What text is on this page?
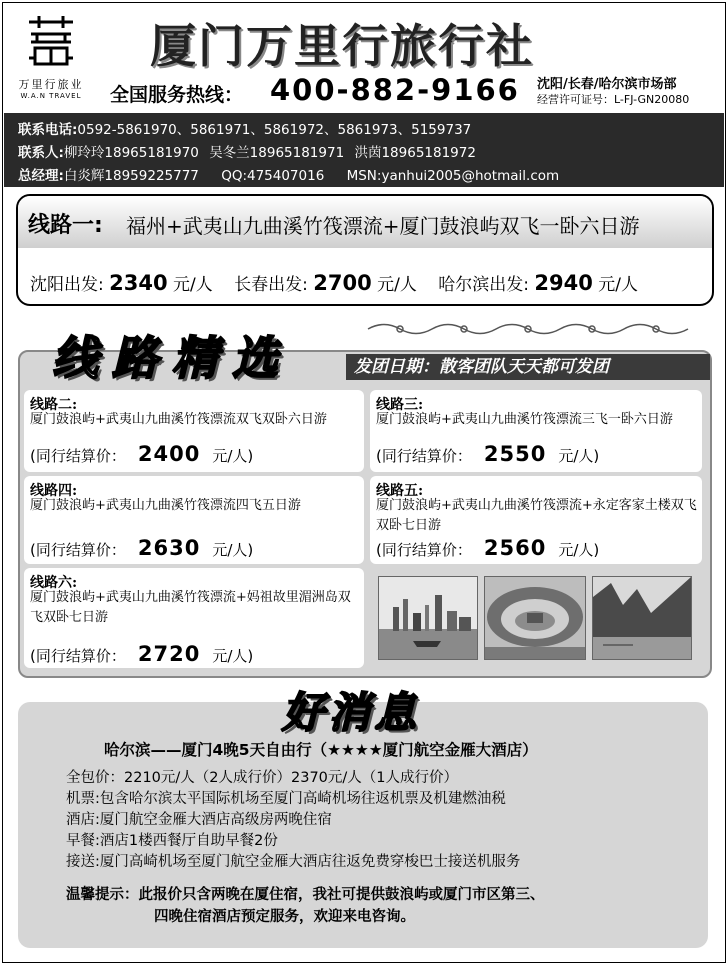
万里行旅业
W.A.N TRAVEL
厦门万里行旅行社
全国服务热线： 400-882-9166 沈阳/长春/哈尔滨市场部
经营许可证号：L-FJ-GN20080
联系电话:0592-5861970、5861971、5861972、5861973、5159737
联系人:柳玲玲18965181970 吴冬兰18965181971 洪茵18965181972
总经理:白炎辉18959225777 QQ:475407016 MSN:yanhui2005@hotmail.com
线路一: 福州+武夷山九曲溪竹筏漂流+厦门鼓浪屿双飞一卧六日游
沈阳出发: 2340 元/人 长春出发: 2700 元/人 哈尔滨出发: 2940 元/人
线路精选	发团日期：散客团队天天都可发团
线路二:
厦门鼓浪屿+武夷山九曲溪竹筏漂流双飞双卧六日游
(同行结算价： 2400 元/人)
线路三:
厦门鼓浪屿+武夷山九曲溪竹筏漂流三飞一卧六日游
(同行结算价： 2550 元/人)
线路四:
厦门鼓浪屿+武夷山九曲溪竹筏漂流四飞五日游
(同行结算价： 2630 元/人)
线路五:
厦门鼓浪屿+武夷山九曲溪竹筏漂流+永定客家土楼双飞双卧七日游
(同行结算价： 2560 元/人)
线路六:
厦门鼓浪屿+武夷山九曲溪竹筏漂流+妈祖故里湄洲岛双飞双卧七日游
(同行结算价： 2720 元/人)
好消息
哈尔滨——厦门4晚5天自由行（★★★★厦门航空金雁大酒店）
全包价：2210元/人（2人成行价）2370元/人（1人成行价）
机票:包含哈尔滨太平国际机场至厦门高崎机场往返机票及机建燃油税
酒店:厦门航空金雁大酒店高级房两晚住宿
早餐:酒店1楼西餐厅自助早餐2份
接送:厦门高崎机场至厦门航空金雁大酒店往返免费穿梭巴士接送机服务
温馨提示：此报价只含两晚在厦住宿，我社可提供鼓浪屿或厦门市区第三、
四晚住宿酒店预定服务，欢迎来电咨询。
